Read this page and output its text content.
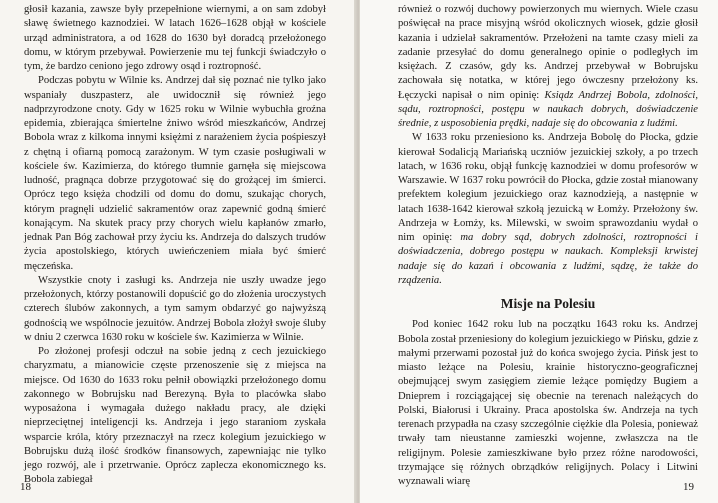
głosił kazania, zawsze były przepełnione wiernymi, a on sam zdobył sławę świetnego kaznodziei. W latach 1626–1628 objął w kościele urząd administratora, a od 1628 do 1630 był doradcą przełożonego domu, w którym przebywał. Powierzenie mu tej funkcji świadczyło o tym, że bardzo ceniono jego zdrowy osąd i roztropność.

Podczas pobytu w Wilnie ks. Andrzej dał się poznać nie tylko jako wspaniały duszpasterz, ale uwidocznił się również jego nadprzyrodzone cnoty. Gdy w 1625 roku w Wilnie wybuchła groźna epidemia, zbierająca śmiertelne żniwo wśród mieszkańców, Andrzej Bobola wraz z kilkoma innymi księżmi z narażeniem życia pośpieszył z chętną i ofiarną pomocą zarażonym. W tym czasie posługiwali w kościele św. Kazimierza, do którego tłumnie garnęła się miejscowa ludność, pragnąca dobrze przygotować się do grożącej im śmierci. Oprócz tego księża chodzili od domu do domu, szukając chorych, którym pragnęli udzielić sakramentów oraz zapewnić godną śmierć konającym. Na skutek pracy przy chorych wielu kapłanów zmarło, jednak Pan Bóg zachował przy życiu ks. Andrzeja do dalszych trudów życia apostolskiego, których uwieńczeniem miała być śmierć męczeńska.

Wszystkie cnoty i zasługi ks. Andrzeja nie uszły uwadze jego przełożonych, którzy postanowili dopuścić go do złożenia uroczystych czterech ślubów zakonnych, a tym samym obdarzyć go najwyższą godnością we wspólnocie jezuitów. Andrzej Bobola złożył swoje śluby w dniu 2 czerwca 1630 roku w kościele św. Kazimierza w Wilnie.

Po złożonej profesji odczuł na sobie jedną z cech jezuickiego charyzmatu, a mianowicie częste przenoszenie się z miejsca na miejsce. Od 1630 do 1633 roku pełnił obowiązki przełożonego domu zakonnego w Bobrujsku nad Berezyną. Była to placówka słabo wyposażona i wymagała dużego nakładu pracy, ale dzięki nieprzeciętnej inteligencji ks. Andrzeja i jego staraniom zyskała wsparcie króla, który przeznaczył na rzecz kolegium jezuickiego w Bobrujsku dużą ilość środków finansowych, zapewniając nie tylko jego rozwój, ale i przetrwanie. Oprócz zaplecza ekonomicznego ks. Bobola zabiegał

18

również o rozwój duchowy powierzonych mu wiernych. Wiele czasu poświęcał na prace misyjną wśród okolicznych wiosek, gdzie głosił kazania i udzielał sakramentów. Przełożeni na tamte czasy mieli za zadanie przesyłać do domu generalnego opinie o podległych im księżach. Z czasów, gdy ks. Andrzej przebywał w Bobrujsku zachowała się notatka, w której jego ówczesny przełożony ks. Łęczycki napisał o nim opinię: Ksiądz Andrzej Bobola, zdolności, sądu, roztropności, postępu w naukach dobrych, doświadczenie średnie, z usposobienia prędki, nadaje się do obcowania z ludźmi.

W 1633 roku przeniesiono ks. Andrzeja Bobolę do Płocka, gdzie kierował Sodalicją Mariańską uczniów jezuickiej szkoły, a po trzech latach, w 1636 roku, objął funkcję kaznodziei w domu profesorów w Warszawie. W 1637 roku powrócił do Płocka, gdzie został mianowany prefektem kolegium jezuickiego oraz kaznodzieją, a następnie w latach 1638-1642 kierował szkołą jezuicką w Łomży. Przełożony św. Andrzeja w Łomży, ks. Milewski, w swoim sprawozdaniu wydał o nim opinię: ma dobry sąd, dobrych zdolności, roztropności i doświadczenia, dobrego postępu w naukach. Kompleksji krwistej nadaje się do kazań i obcowania z ludźmi, sądzę, że także do rządzenia.

Misje na Polesiu

Pod koniec 1642 roku lub na początku 1643 roku ks. Andrzej Bobola został przeniesiony do kolegium jezuickiego w Pińsku, gdzie z małymi przerwami pozostał już do końca swojego życia. Pińsk jest to miasto leżące na Polesiu, krainie historyczno-geograficznej obejmującej swym zasięgiem ziemie leżące pomiędzy Bugiem a Dnieprem i rozciągającej się obecnie na terenach należących do Polski, Białorusi i Ukrainy. Praca apostolska św. Andrzeja na tych terenach przypadła na czasy szczególnie ciężkie dla Polesia, ponieważ trwały tam nieustanne zamieszki wojenne, zwłaszcza na tle religijnym. Polesie zamieszkiwane było przez różne narodowości, trzymające się różnych obrządków religijnych. Polacy i Litwini wyznawali wiarę	19
